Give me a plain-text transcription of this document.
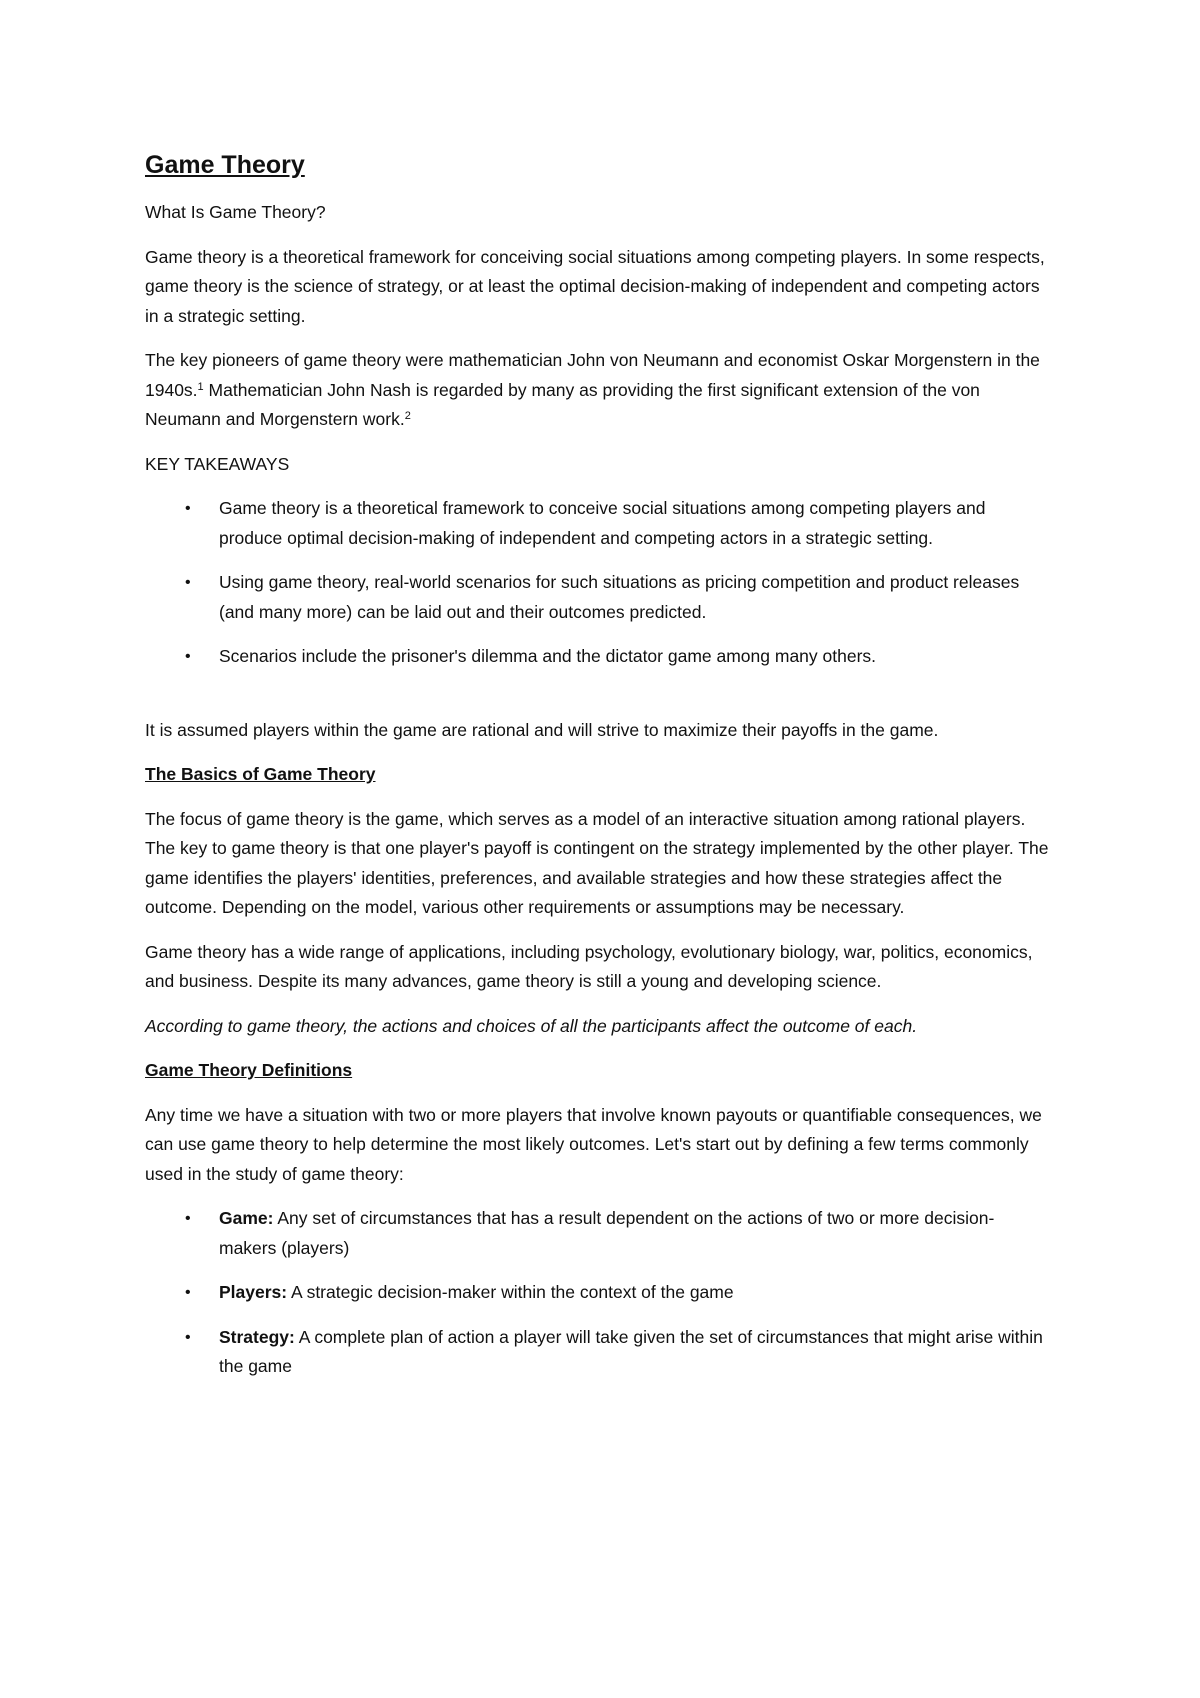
Game Theory

What Is Game Theory?

Game theory is a theoretical framework for conceiving social situations among competing players. In some respects, game theory is the science of strategy, or at least the optimal decision-making of independent and competing actors in a strategic setting.

The key pioneers of game theory were mathematician John von Neumann and economist Oskar Morgenstern in the 1940s.$^1$ Mathematician John Nash is regarded by many as providing the first significant extension of the von Neumann and Morgenstern work.$^2$

KEY TAKEAWAYS

• Game theory is a theoretical framework to conceive social situations among competing players and produce optimal decision-making of independent and competing actors in a strategic setting.
• Using game theory, real-world scenarios for such situations as pricing competition and product releases (and many more) can be laid out and their outcomes predicted.
• Scenarios include the prisoner's dilemma and the dictator game among many others.

It is assumed players within the game are rational and will strive to maximize their payoffs in the game.

The Basics of Game Theory

The focus of game theory is the game, which serves as a model of an interactive situation among rational players. The key to game theory is that one player's payoff is contingent on the strategy implemented by the other player. The game identifies the players' identities, preferences, and available strategies and how these strategies affect the outcome. Depending on the model, various other requirements or assumptions may be necessary.

Game theory has a wide range of applications, including psychology, evolutionary biology, war, politics, economics, and business. Despite its many advances, game theory is still a young and developing science.

According to game theory, the actions and choices of all the participants affect the outcome of each.

Game Theory Definitions

Any time we have a situation with two or more players that involve known payouts or quantifiable consequences, we can use game theory to help determine the most likely outcomes. Let's start out by defining a few terms commonly used in the study of game theory:

• Game: Any set of circumstances that has a result dependent on the actions of two or more decision-makers (players)
• Players: A strategic decision-maker within the context of the game
• Strategy: A complete plan of action a player will take given the set of circumstances that might arise within the game
